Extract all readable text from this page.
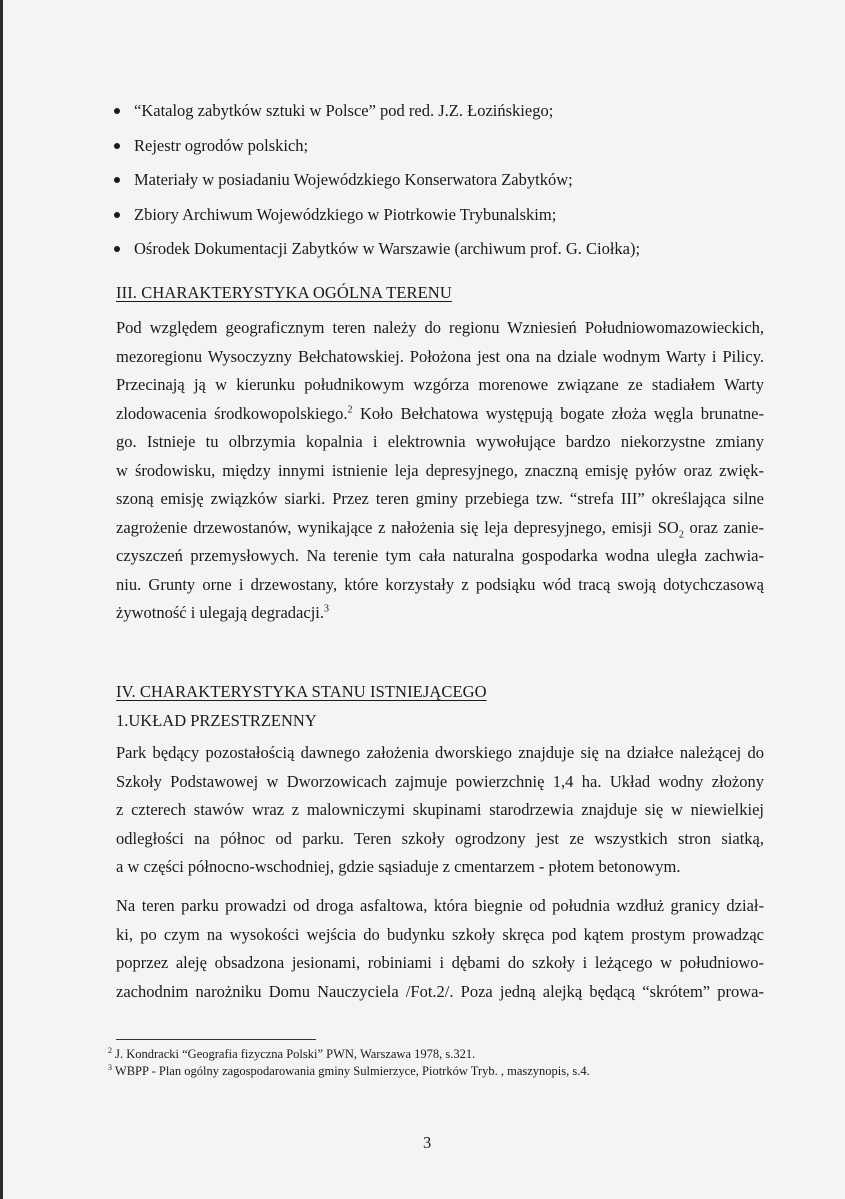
“Katalog zabytków sztuki w Polsce” pod red. J.Z. Łozińskiego;
Rejestr ogrodów polskich;
Materiały w posiadaniu Wojewódzkiego Konserwatora Zabytków;
Zbiory Archiwum Wojewódzkiego w Piotrkowie Trybunalskim;
Ośrodek Dokumentacji Zabytków w Warszawie (archiwum prof. G. Ciołka);
III. CHARAKTERYSTYKA OGÓLNA TERENU
Pod względem geograficznym teren należy do regionu Wzniesień Południowomazowieckich,
mezoregionu Wysoczyzny Bełchatowskiej. Położona jest ona na dziale wodnym Warty i Pilicy.
Przecinają ją w kierunku południkowym wzgórza morenowe związane ze stadiałem Warty
zlodowacenia środkowopolskiego.$^2$ Koło Bełchatowa występują bogate złoża węgla brunatne-
go. Istnieje tu olbrzymia kopalnia i elektrownia wywołujące bardzo niekorzystne zmiany
w środowisku, między innymi istnienie leja depresyjnego, znaczną emisję pyłów oraz zwięk-
szoną emisję związków siarki. Przez teren gminy przebiega tzw. “strefa III” określająca silne
zagrożenie drzewostanów, wynikające z nałożenia się leja depresyjnego, emisji $SO_2$ oraz zanie-
czyszczeń przemysłowych. Na terenie tym cała naturalna gospodarka wodna uległa zachwia-
niu. Grunty orne i drzewostany, które korzystały z podsiąku wód tracą swoją dotychczasową
żywotność i ulegają degradacji.$^3$
IV. CHARAKTERYSTYKA STANU ISTNIEJĄCEGO
1.UKŁAD PRZESTRZENNY
Park będący pozostałością dawnego założenia dworskiego znajduje się na działce należącej do
Szkoły Podstawowej w Dworzowicach zajmuje powierzchnię 1,4 ha. Układ wodny złożony
z czterech stawów wraz z malowniczymi skupinami starodrzewia znajduje się w niewielkiej
odległości na północ od parku. Teren szkoły ogrodzony jest ze wszystkich stron siatką,
a w części północno-wschodniej, gdzie sąsiaduje z cmentarzem - płotem betonowym.
Na teren parku prowadzi od droga asfaltowa, która biegnie od południa wzdłuż granicy dział-
ki, po czym na wysokości wejścia do budynku szkoły skręca pod kątem prostym prowadząc
poprzez aleję obsadzona jesionami, robiniami i dębami do szkoły i leżącego w południowo-
zachodnim narożniku Domu Nauczyciela /Fot.2/. Poza jedną alejką będącą “skrótem” prowa-
$^2$ J. Kondracki “Geografia fizyczna Polski” PWN, Warszawa 1978, s.321.
$^3$ WBPP - Plan ogólny zagospodarowania gminy Sulmierzyce, Piotrków Tryb. , maszynopis, s.4.
3
